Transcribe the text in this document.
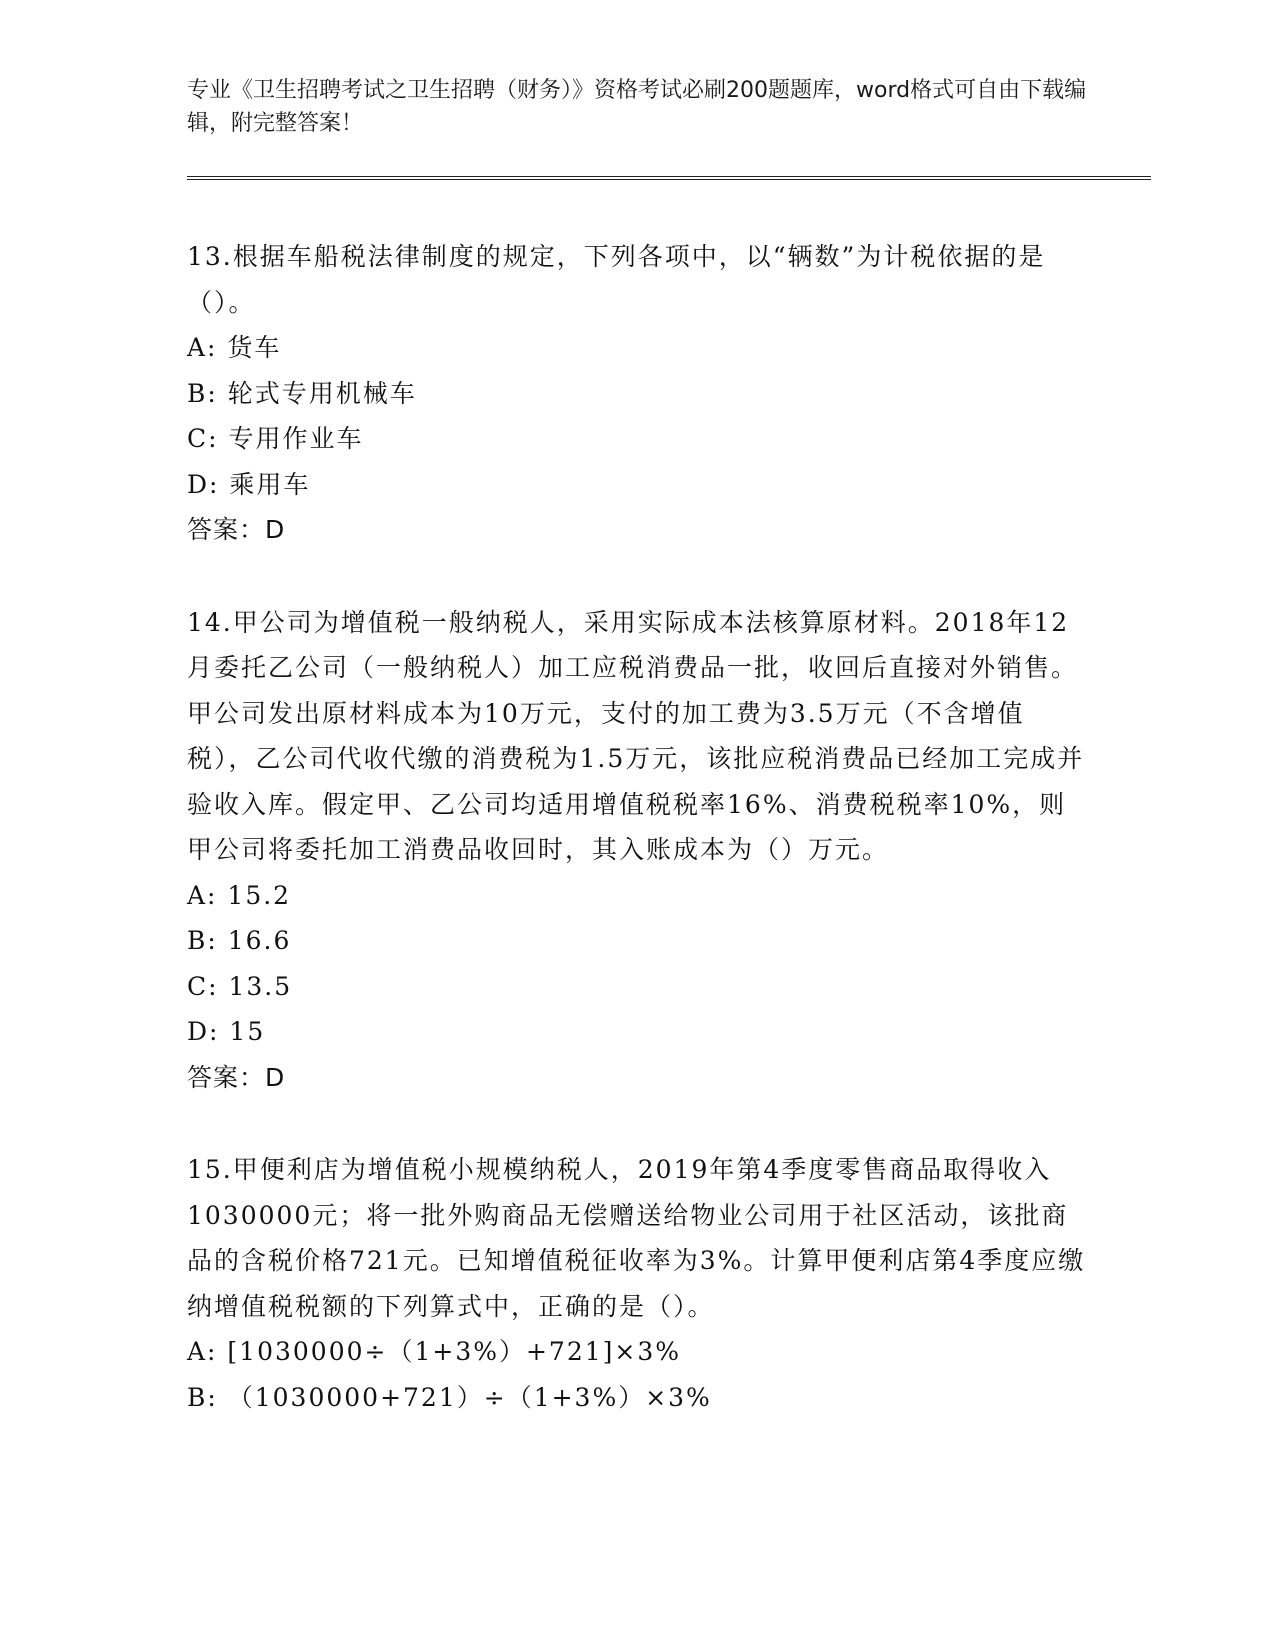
专业《卫生招聘考试之卫生招聘（财务）》资格考试必刷200题题库，word格式可自由下载编辑，附完整答案！

13.根据车船税法律制度的规定，下列各项中，以“辆数”为计税依据的是（）。

A: 货车

B: 轮式专用机械车

C: 专用作业车

D: 乘用车

答案：D

14.甲公司为增值税一般纳税人，采用实际成本法核算原材料。2018年12月委托乙公司（一般纳税人）加工应税消费品一批，收回后直接对外销售。甲公司发出原材料成本为10万元，支付的加工费为3.5万元（不含增值税），乙公司代收代缴的消费税为1.5万元，该批应税消费品已经加工完成并验收入库。假定甲、乙公司均适用增值税税率16%、消费税税率10%，则甲公司将委托加工消费品收回时，其入账成本为（）万元。

A: 15.2

B: 16.6

C: 13.5

D: 15

答案：D

15.甲便利店为增值税小规模纳税人，2019年第4季度零售商品取得收入1030000元；将一批外购商品无偿赠送给物业公司用于社区活动，该批商品的含税价格721元。已知增值税征收率为3%。计算甲便利店第4季度应缴纳增值税税额的下列算式中，正确的是（）。

A: [1030000÷（1+3%）+721]×3%

B: （1030000+721）÷（1+3%）×3%
